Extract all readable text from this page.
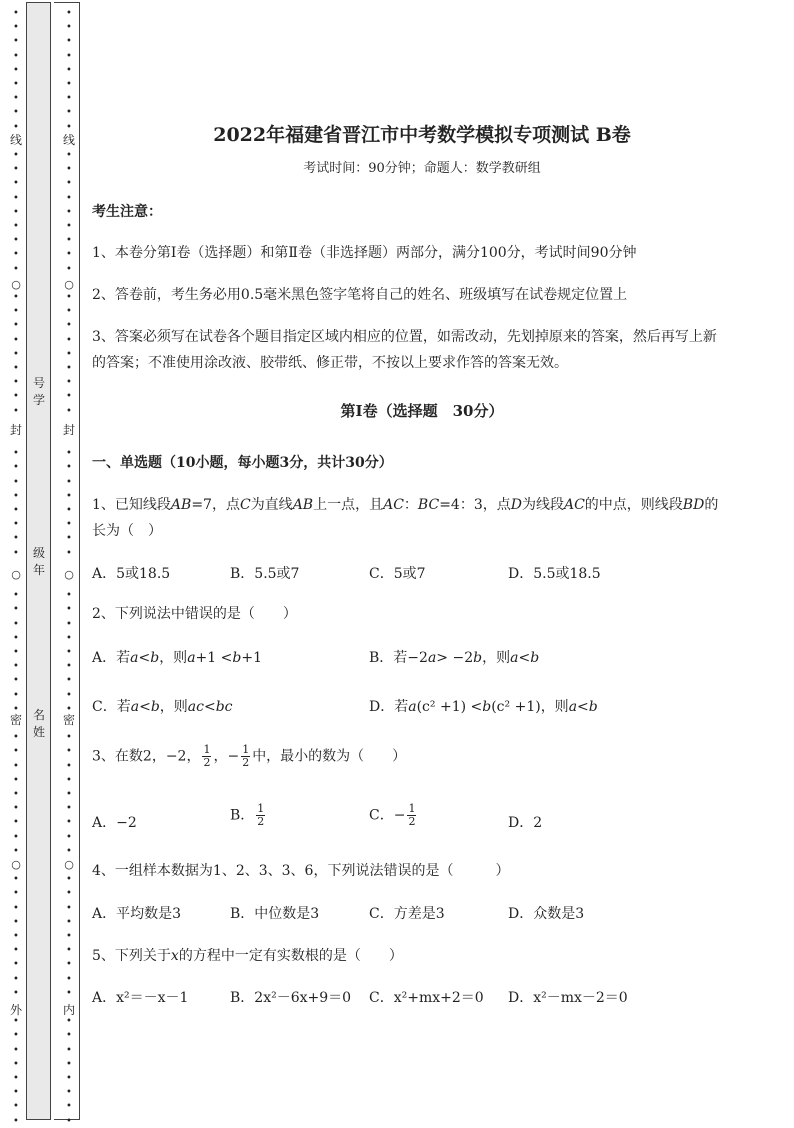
•
•
•
•
•
•
•
•
•
•
•
•
•
•
•
•
•
•
•
•
•
•
•
•
•
•
•
•
•
•
•
•
•
•
•
•
•
•
•
•
•
•
•
•
•
•
•
•
•
•
•
•
•
•
•
•
•
•
•
•
•
•
•
•
•
•
•
•
•
•
线
○
封
○
密
○
外
•
•
•
•
•
•
•
•
•
•
•
•
•
•
•
•
•
•
•
•
•
•
•
•
•
•
•
•
•
•
•
•
•
•
•
•
•
•
•
•
•
•
•
•
•
•
•
•
•
•
•
•
•
•
•
•
•
•
•
•
•
•
•
•
•
•
•
•
•
•
线
○
封
○
密
○
内
号学
级年
名姓
2022年福建省晋江市中考数学模拟专项测试 B卷
考试时间：90分钟；命题人：数学教研组
考生注意：
1、本卷分第I卷（选择题）和第Ⅱ卷（非选择题）两部分，满分100分，考试时间90分钟
2、答卷前，考生务必用0.5毫米黑色签字笔将自己的姓名、班级填写在试卷规定位置上
3、答案必须写在试卷各个题目指定区域内相应的位置，如需改动，先划掉原来的答案，然后再写上新
的答案；不准使用涂改液、胶带纸、修正带，不按以上要求作答的答案无效。
第I卷（选择题　30分）
一、单选题（10小题，每小题3分，共计30分）
1、已知线段AB=7，点C为直线AB上一点，且AC：BC=4：3，点D为线段AC的中点，则线段BD的
长为（　）
A．5或18.5	B．5.5或7	C．5或7	D．5.5或18.5
2、下列说法中错误的是（　　）
A．若a<b，则a+1 <b+1	B．若−2a> −2b，则a<b
C．若a<b，则ac<bc	D．若a(c² +1) <b(c² +1)，则a<b
3、在数2，−2， $\frac{1}{2}$ ，− $\frac{1}{2}$ 中，最小的数为（　　）
A．−2	B． $\frac{1}{2}$	C．− $\frac{1}{2}$	D．2
4、一组样本数据为1、2、3、3、6，下列说法错误的是（　　　）
A．平均数是3	B．中位数是3	C．方差是3	D．众数是3
5、下列关于x的方程中一定有实数根的是（　　）
A．x²＝－x－1	B．2x²－6x+9＝0 C．x²+mx+2＝0 D．x²－mx－2＝0
